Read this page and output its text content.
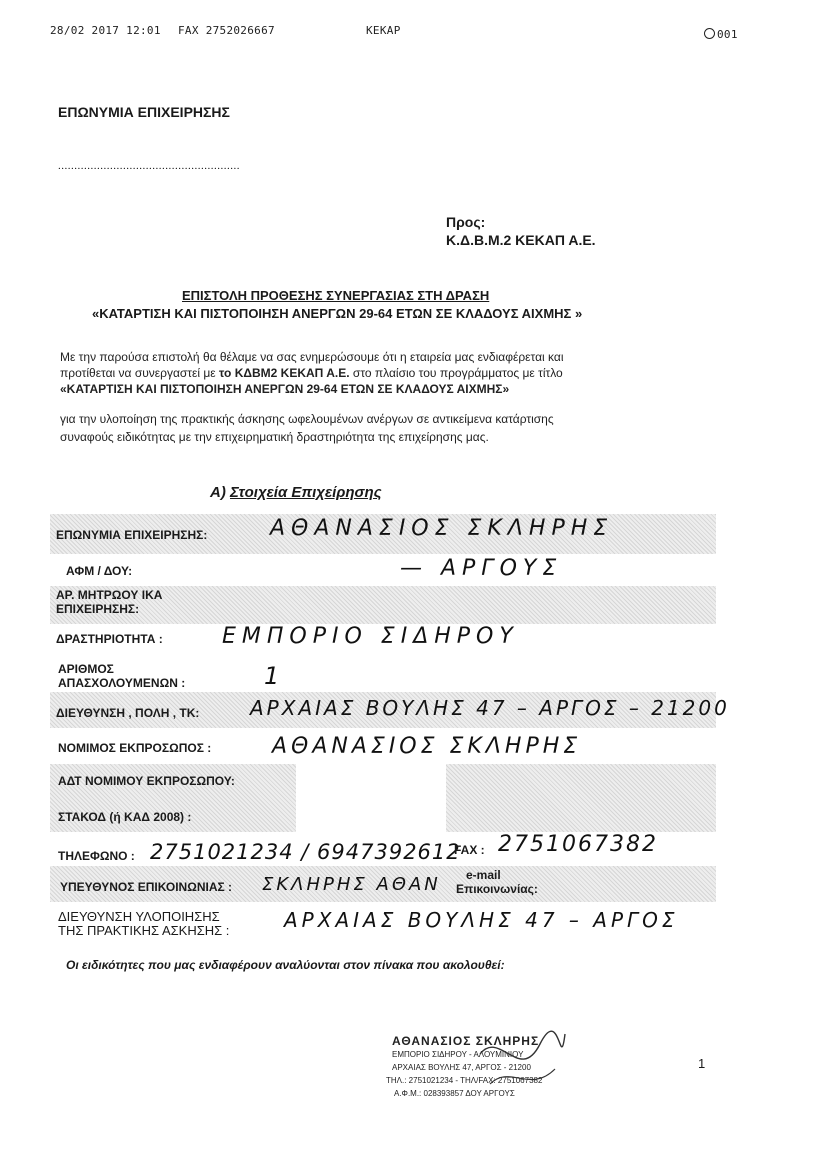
28/02 2017 12:01 FAX 2752026667	ΚΕΚΑΡ	001
ΕΠΩΝΥΜΙΑ ΕΠΙΧΕΙΡΗΣΗΣ
........................................................
Προς:
Κ.Δ.Β.Μ.2 ΚΕΚΑΠ Α.Ε.
ΕΠΙΣΤΟΛΗ ΠΡΟΘΕΣΗΣ ΣΥΝΕΡΓΑΣΙΑΣ ΣΤΗ ΔΡΑΣΗ
«ΚΑΤΑΡΤΙΣΗ ΚΑΙ ΠΙΣΤΟΠΟΙΗΣΗ ΑΝΕΡΓΩΝ 29-64 ΕΤΩΝ ΣΕ ΚΛΑΔΟΥΣ ΑΙΧΜΗΣ »
Με την παρούσα επιστολή θα θέλαμε να σας ενημερώσουμε ότι η εταιρεία μας ενδιαφέρεται και
προτίθεται να συνεργαστεί με το ΚΔΒΜ2 ΚΕΚΑΠ Α.Ε. στο πλαίσιο του προγράμματος με τίτλο
«ΚΑΤΑΡΤΙΣΗ ΚΑΙ ΠΙΣΤΟΠΟΙΗΣΗ ΑΝΕΡΓΩΝ 29-64 ΕΤΩΝ ΣΕ ΚΛΑΔΟΥΣ ΑΙΧΜΗΣ»
για την υλοποίηση της πρακτικής άσκησης ωφελουμένων ανέργων σε αντικείμενα κατάρτισης
συναφούς ειδικότητας με την επιχειρηματική δραστηριότητα της επιχείρησης μας.
Α) Στοιχεία Επιχείρησης
ΕΠΩΝΥΜΙΑ ΕΠΙΧΕΙΡΗΣΗΣ:	ΑΘΑΝΑΣΙΟΣ ΣΚΛΗΡΗΣ
ΑΦΜ / ΔΟΥ:	— ΑΡΓΟΥΣ
ΑΡ. ΜΗΤΡΩΟΥ ΙΚΑ
ΕΠΙΧΕΙΡΗΣΗΣ:
ΔΡΑΣΤΗΡΙΟΤΗΤΑ :	ΕΜΠΟΡΙΟ ΣΙΔΗΡΟΥ
ΑΡΙΘΜΟΣ
ΑΠΑΣΧΟΛΟΥΜΕΝΩΝ :	1
ΔΙΕΥΘΥΝΣΗ , ΠΟΛΗ , ΤΚ:	ΑΡΧΑΙΑΣ ΒΟΥΛΗΣ 47 – ΑΡΓΟΣ – 21200
ΝΟΜΙΜΟΣ ΕΚΠΡΟΣΩΠΟΣ :	ΑΘΑΝΑΣΙΟΣ ΣΚΛΗΡΗΣ
ΑΔΤ ΝΟΜΙΜΟΥ ΕΚΠΡΟΣΩΠΟΥ:
ΣΤΑΚΟΔ (ή ΚΑΔ 2008) :
ΤΗΛΕΦΩΝΟ : 2751021234 / 6947392612
FAX : 2751067382
ΥΠΕΥΘΥΝΟΣ ΕΠΙΚΟΙΝΩΝΙΑΣ : ΣΚΛΗΡΗΣ ΑΘΑΝ	e-mail
Επικοινωνίας:
ΔΙΕΥΘΥΝΣΗ ΥΛΟΠΟΙΗΣΗΣ
ΤΗΣ ΠΡΑΚΤΙΚΗΣ ΑΣΚΗΣΗΣ :	ΑΡΧΑΙΑΣ ΒΟΥΛΗΣ 47 – ΑΡΓΟΣ
Οι ειδικότητες που μας ενδιαφέρουν αναλύονται στον πίνακα που ακολουθεί:
ΑΘΑΝΑΣΙΟΣ ΣΚΛΗΡΗΣ
ΕΜΠΟΡΙΟ ΣΙΔΗΡΟΥ - ΑΛΟΥΜΙΝΙΟΥ
ΑΡΧΑΙΑΣ ΒΟΥΛΗΣ 47, ΑΡΓΟΣ - 21200
ΤΗΛ.: 2751021234 - ΤΗΛ/FAX: 2751067382
Α.Φ.Μ.: 028393857 ΔΟΥ ΑΡΓΟΥΣ
1
